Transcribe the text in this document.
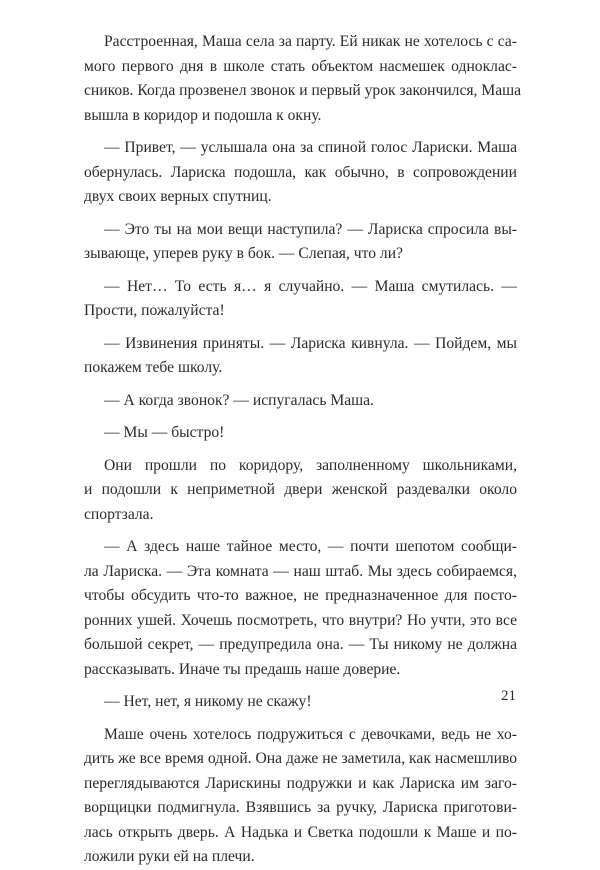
Расстроенная, Маша села за парту. Ей никак не хотелось с са-
мого первого дня в школе стать объектом насмешек одноклас-
сников. Когда прозвенел звонок и первый урок закончился, Маша
вышла в коридор и подошла к окну.
— Привет, — услышала она за спиной голос Лариски. Маша
обернулась. Лариска подошла, как обычно, в сопровождении
двух своих верных спутниц.
— Это ты на мои вещи наступила? — Лариска спросила вы-
зывающе, уперев руку в бок. — Слепая, что ли?
— Нет… То есть я… я случайно. — Маша смутилась. —
Прости, пожалуйста!
— Извинения приняты. — Лариска кивнула. — Пойдем, мы
покажем тебе школу.
— А когда звонок? — испугалась Маша.
— Мы — быстро!
Они прошли по коридору, заполненному школьниками,
и подошли к неприметной двери женской раздевалки около
спортзала.
— А здесь наше тайное место, — почти шепотом сообщи-
ла Лариска. — Эта комната — наш штаб. Мы здесь собираемся,
чтобы обсудить что-то важное, не предназначенное для посто-
ронних ушей. Хочешь посмотреть, что внутри? Но учти, это все
большой секрет, — предупредила она. — Ты никому не должна
рассказывать. Иначе ты предашь наше доверие.
— Нет, нет, я никому не скажу!
Маше очень хотелось подружиться с девочками, ведь не хо-
дить же все время одной. Она даже не заметила, как насмешливо
переглядываются Ларискины подружки и как Лариска им заго-
ворщицки подмигнула. Взявшись за ручку, Лариска приготови-
лась открыть дверь. А Надька и Светка подошли к Маше и по-
ложили руки ей на плечи.
21
